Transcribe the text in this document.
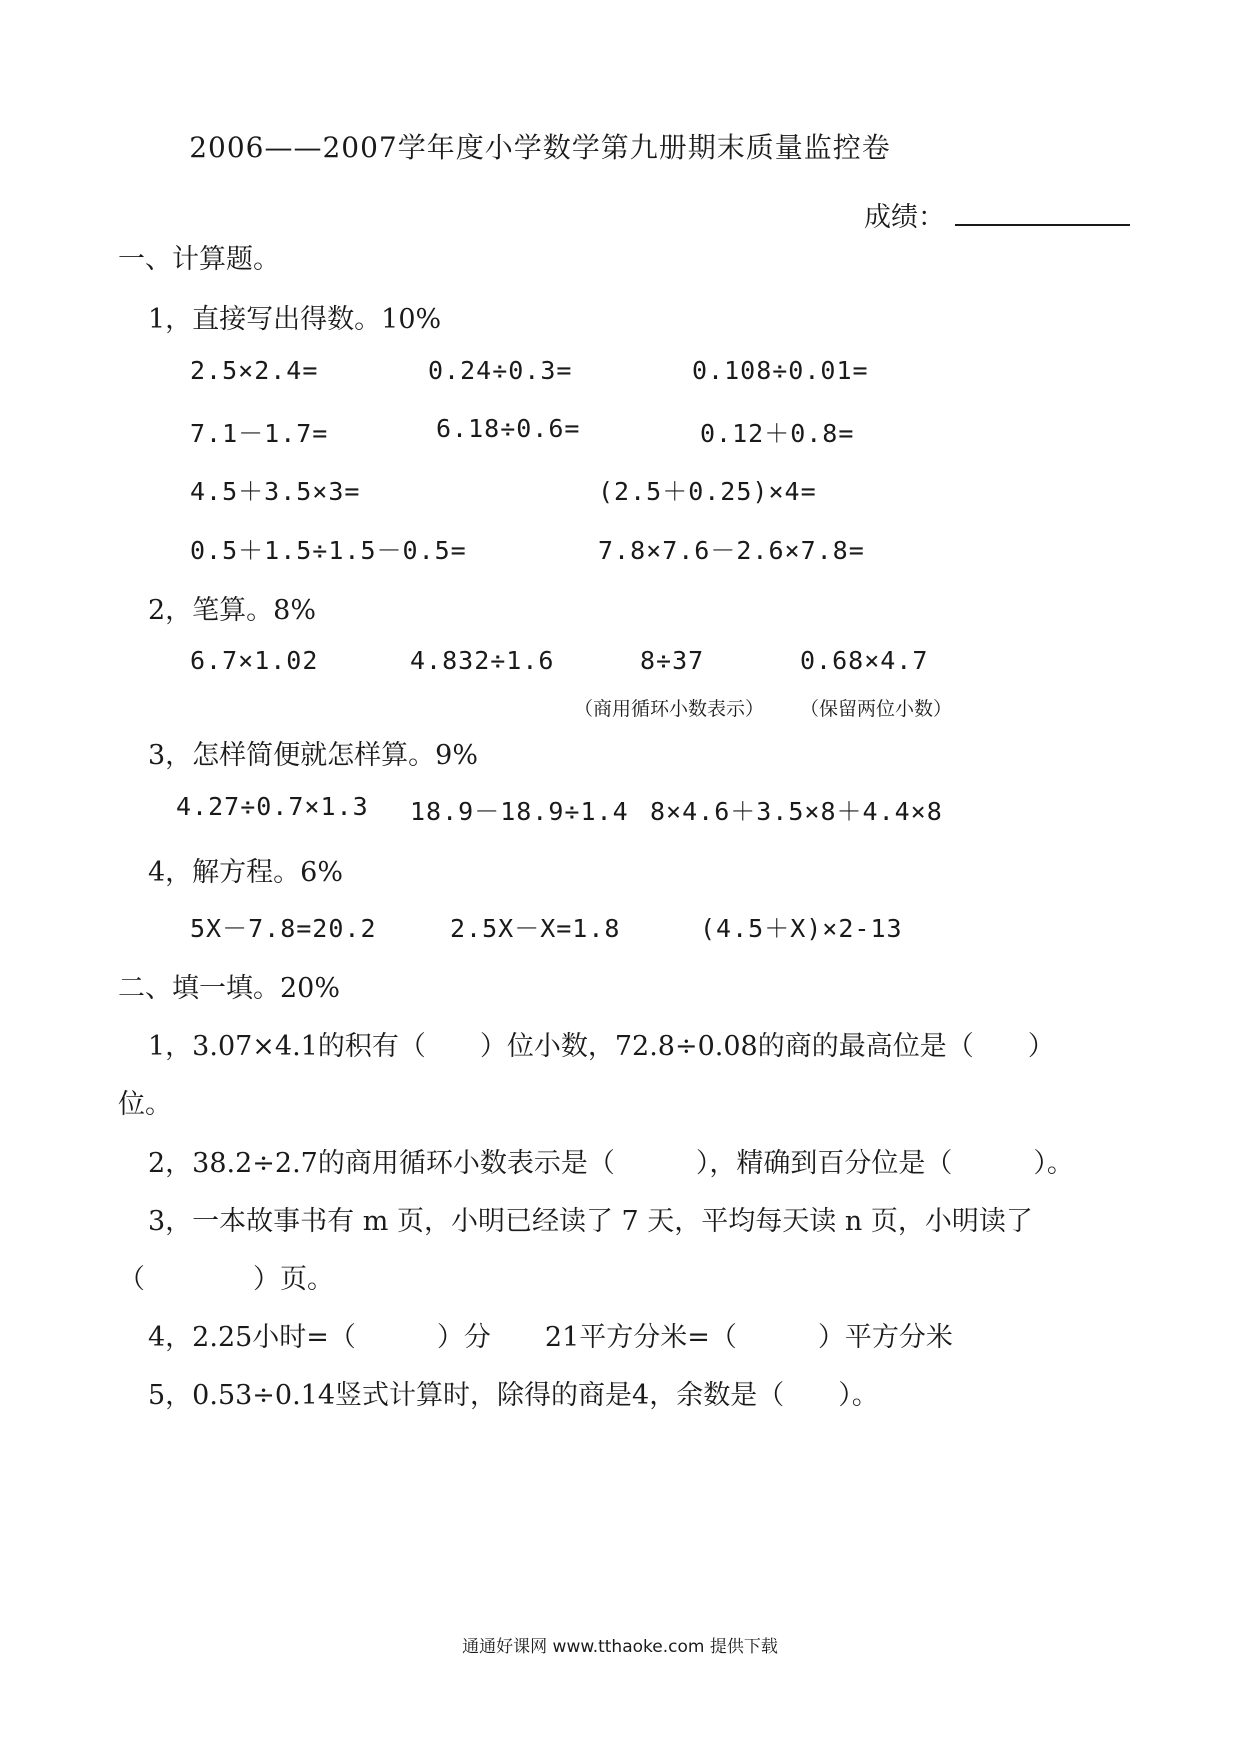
2006——2007学年度小学数学第九册期末质量监控卷
成绩：
一、计算题。
1，直接写出得数。10%
2.5×2.4=	0.24÷0.3=	0.108÷0.01=
7.1－1.7=	6.18÷0.6=	0.12＋0.8=
4.5＋3.5×3=	(2.5＋0.25)×4=
0.5＋1.5÷1.5－0.5=	7.8×7.6－2.6×7.8=
2，笔算。8%
6.7×1.02	4.832÷1.6	8÷37	0.68×4.7
（商用循环小数表示） （保留两位小数）
3，怎样简便就怎样算。9%
4.27÷0.7×1.3 18.9－18.9÷1.4 8×4.6＋3.5×8＋4.4×8
4，解方程。6%
5X－7.8=20.2	2.5X－X=1.8	(4.5＋X)×2-13
二、填一填。20%
1，3.07×4.1的积有（　　）位小数，72.8÷0.08的商的最高位是（　　）
位。
2，38.2÷2.7的商用循环小数表示是（　　　），精确到百分位是（　　　）。
3，一本故事书有 m 页，小明已经读了 7 天，平均每天读 n 页，小明读了
（　　　　）页。
4，2.25小时=（　　　）分　　21平方分米=（　　　）平方分米
5，0.53÷0.14竖式计算时，除得的商是4，余数是（　　）。
通通好课网 www.tthaoke.com 提供下载
